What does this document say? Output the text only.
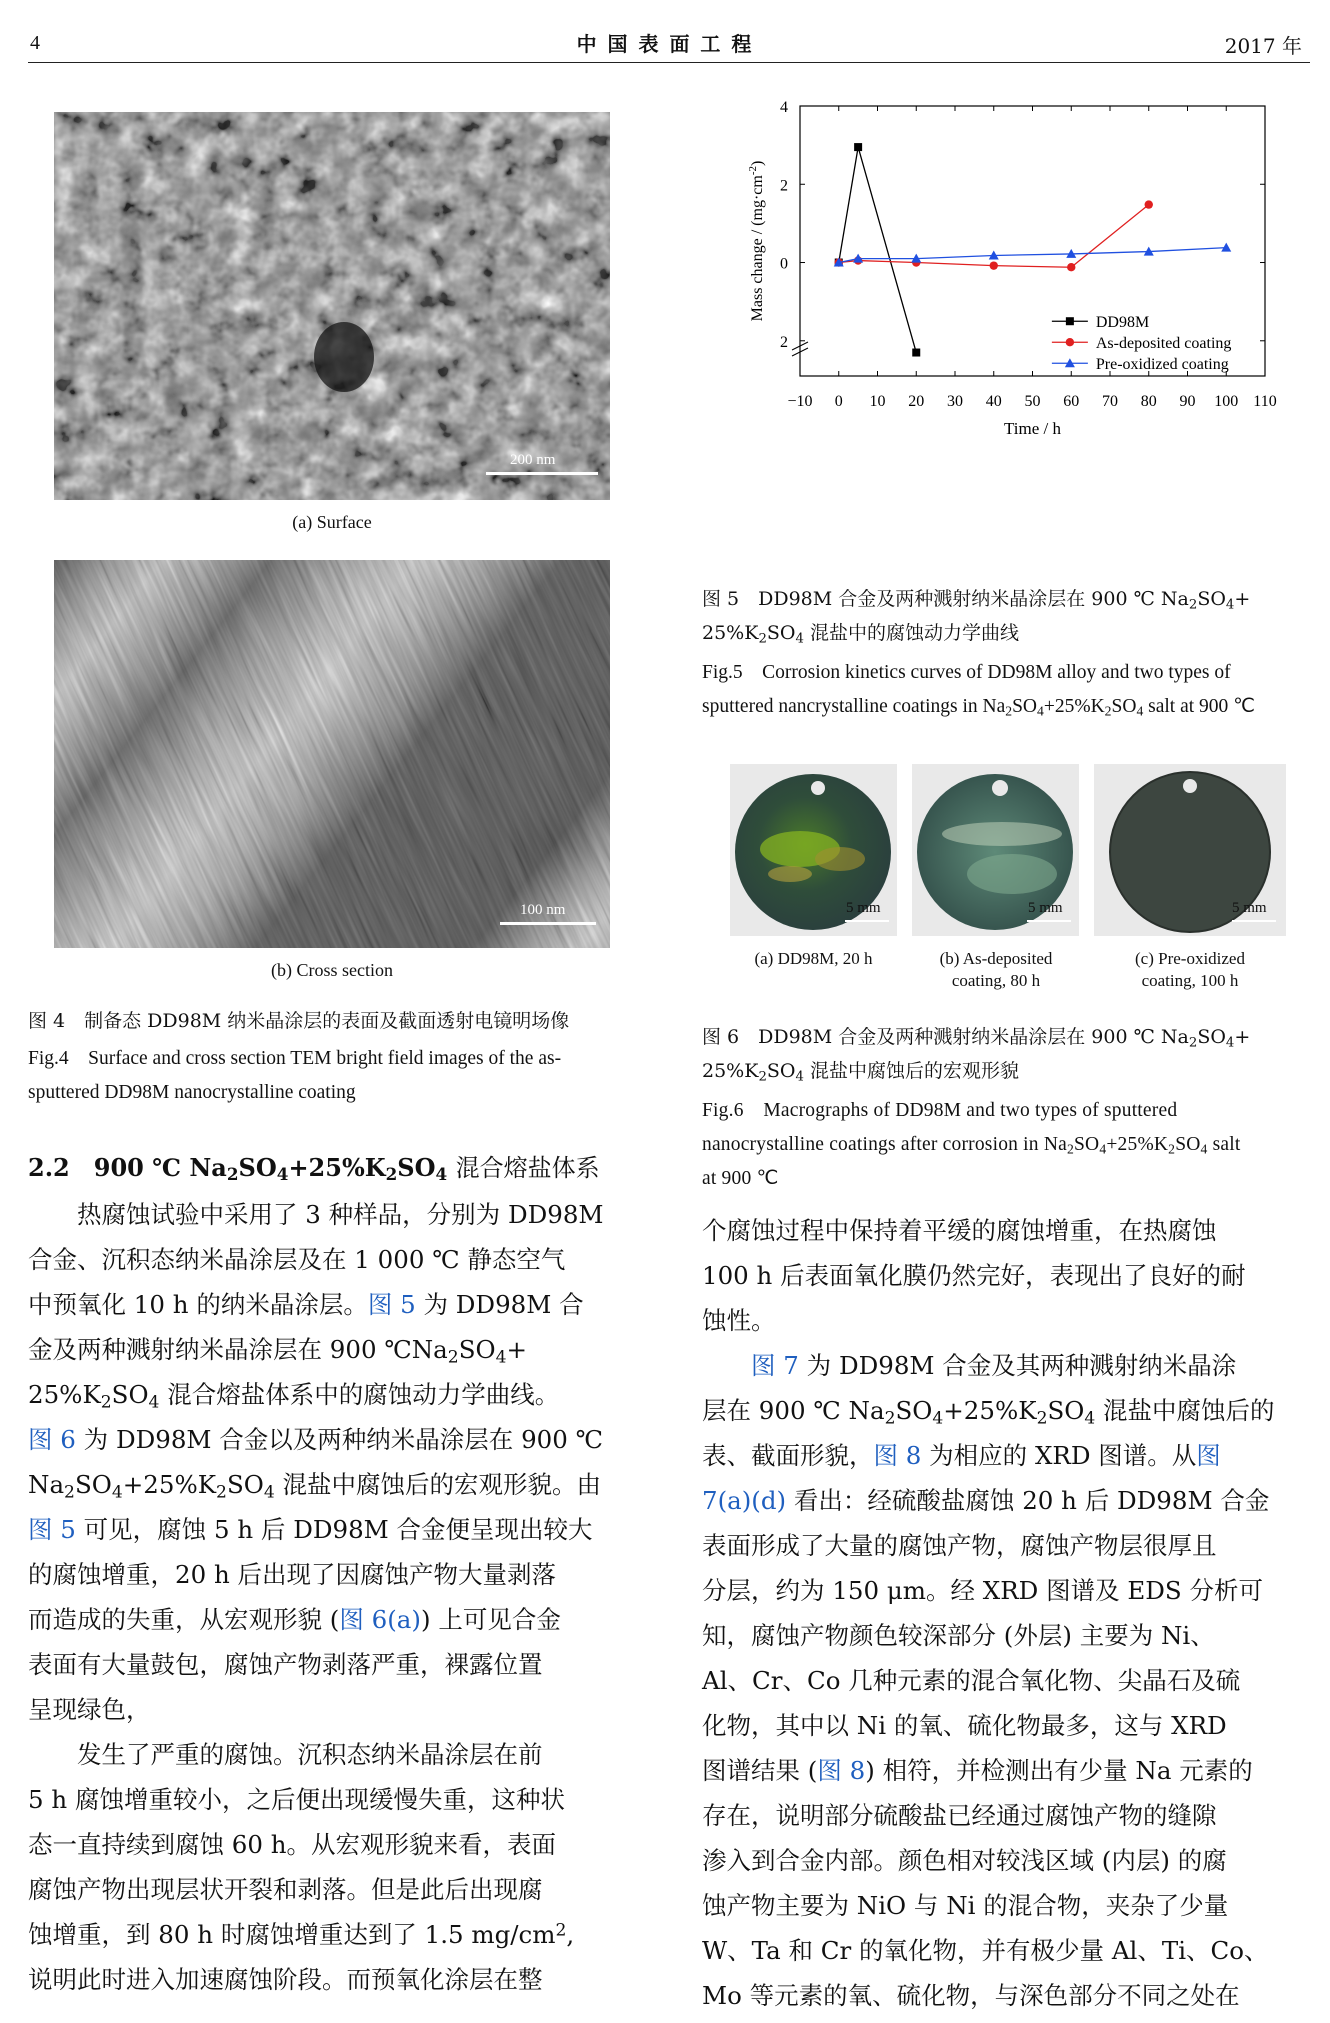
4	中 国 表 面 工 程	2017 年
200 nm
(a) Surface
100 nm
(b) Cross section
图 4　制备态 DD98M 纳米晶涂层的表面及截面透射电镜明场像
Fig.4　Surface and cross section TEM bright field images of the as-
sputtered DD98M nanocrystalline coating
−10 0 10 20 30 40 50 60 70 80 90 100 110
4
2
0
2
Time / h
Mass change / $(mg\cdot cm^{-2})$
DD98M
As-deposited coating
Pre-oxidized coating
图 5　DD98M 合金及两种溅射纳米晶涂层在 900 ℃ $Na_2SO_4+$
$25\%K_2SO_4$ 混盐中的腐蚀动力学曲线
Fig.5　Corrosion kinetics curves of DD98M alloy and two types of
sputtered nancrystalline coatings in $Na_2SO_4+25\%K_2SO_4$ salt at 900 ℃
5 mm	5 mm	5 mm
(a) DD98M, 20 h	(b) As-deposited
coating, 80 h
(c) Pre-oxidized
coating, 100 h
图 6　DD98M 合金及两种溅射纳米晶涂层在 900 ℃ $Na_2SO_4+$
$25\%K_2SO_4$ 混盐中腐蚀后的宏观形貌
Fig.6　Macrographs of DD98M and two types of sputtered
nanocrystalline coatings after corrosion in $Na_2SO_4+25\%K_2SO_4$ salt
at 900 ℃
2.2　900 ℃ $Na_2SO_4+25\%K_2SO_4$ 混合熔盐体系

热腐蚀试验中采用了 3 种样品，分别为 DD98M

合金、沉积态纳米晶涂层及在 1 000 ℃ 静态空气

中预氧化 10 h 的纳米晶涂层。图 5 为 DD98M 合

金及两种溅射纳米晶涂层在 900 $℃Na_2SO_4+$

$25\%K_2SO_4$ 混合熔盐体系中的腐蚀动力学曲线。

图 6 为 DD98M 合金以及两种纳米晶涂层在 900 ℃

$Na_2SO_4+25\%K_2SO_4$ 混盐中腐蚀后的宏观形貌。由

图 5 可见，腐蚀 5 h 后 DD98M 合金便呈现出较大

的腐蚀增重，20 h 后出现了因腐蚀产物大量剥落

而造成的失重，从宏观形貌 (图 6(a)) 上可见合金

表面有大量鼓包，腐蚀产物剥落严重，裸露位置

呈现绿色，

发生了严重的腐蚀。沉积态纳米晶涂层在前

5 h 腐蚀增重较小，之后便出现缓慢失重，这种状

态一直持续到腐蚀 60 h。从宏观形貌来看，表面

腐蚀产物出现层状开裂和剥落。但是此后出现腐

蚀增重，到 80 h 时腐蚀增重达到了 1.5 $mg/cm^2$,

说明此时进入加速腐蚀阶段。而预氧化涂层在整

个腐蚀过程中保持着平缓的腐蚀增重，在热腐蚀

100 h 后表面氧化膜仍然完好，表现出了良好的耐

蚀性。

图 7 为 DD98M 合金及其两种溅射纳米晶涂

层在 900 ℃ $Na_2SO_4+25\%K_2SO_4$ 混盐中腐蚀后的

表、截面形貌，图 8 为相应的 XRD 图谱。从图

7(a)(d) 看出：经硫酸盐腐蚀 20 h 后 DD98M 合金

表面形成了大量的腐蚀产物，腐蚀产物层很厚且

分层，约为 150 μm。经 XRD 图谱及 EDS 分析可

知，腐蚀产物颜色较深部分 (外层) 主要为 Ni、

Al、Cr、Co 几种元素的混合氧化物、尖晶石及硫

化物，其中以 Ni 的氧、硫化物最多，这与 XRD

图谱结果 (图 8) 相符，并检测出有少量 Na 元素的

存在，说明部分硫酸盐已经通过腐蚀产物的缝隙

渗入到合金内部。颜色相对较浅区域 (内层) 的腐

蚀产物主要为 NiO 与 Ni 的混合物，夹杂了少量

W、Ta 和 Cr 的氧化物，并有极少量 Al、Ti、Co、

Mo 等元素的氧、硫化物，与深色部分不同之处在
